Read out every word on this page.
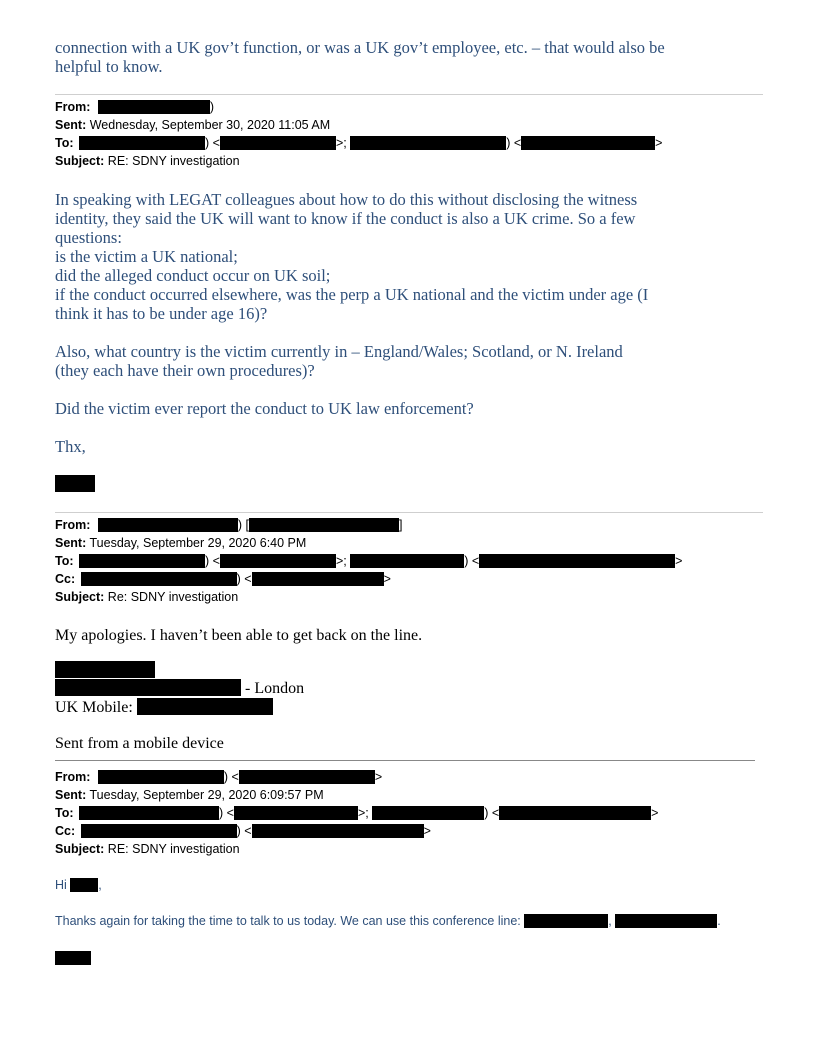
connection with a UK gov’t function, or was a UK gov’t employee, etc. – that would also be
helpful to know.
From:	)
Sent: Wednesday, September 30, 2020 11:05 AM
To:	) <	>;	) <	>
Subject: RE: SDNY investigation
In speaking with LEGAT colleagues about how to do this without disclosing the witness
identity, they said the UK will want to know if the conduct is also a UK crime. So a few
questions:
is the victim a UK national;
did the alleged conduct occur on UK soil;
if the conduct occurred elsewhere, was the perp a UK national and the victim under age (I
think it has to be under age 16)?
Also, what country is the victim currently in – England/Wales; Scotland, or N. Ireland
(they each have their own procedures)?
Did the victim ever report the conduct to UK law enforcement?
Thx,
From:	) [	]
Sent: Tuesday, September 29, 2020 6:40 PM
To:	) <	>;	) <	>
Cc:	) <	>
Subject: Re: SDNY investigation
My apologies. I haven’t been able to get back on the line.
- London
UK Mobile:
Sent from a mobile device
From:	) <	>
Sent: Tuesday, September 29, 2020 6:09:57 PM
To:	) <	>;	) <	>
Cc:	) <	>
Subject: RE: SDNY investigation
Hi	,
Thanks again for taking the time to talk to us today. We can use this conference line:	,	.
